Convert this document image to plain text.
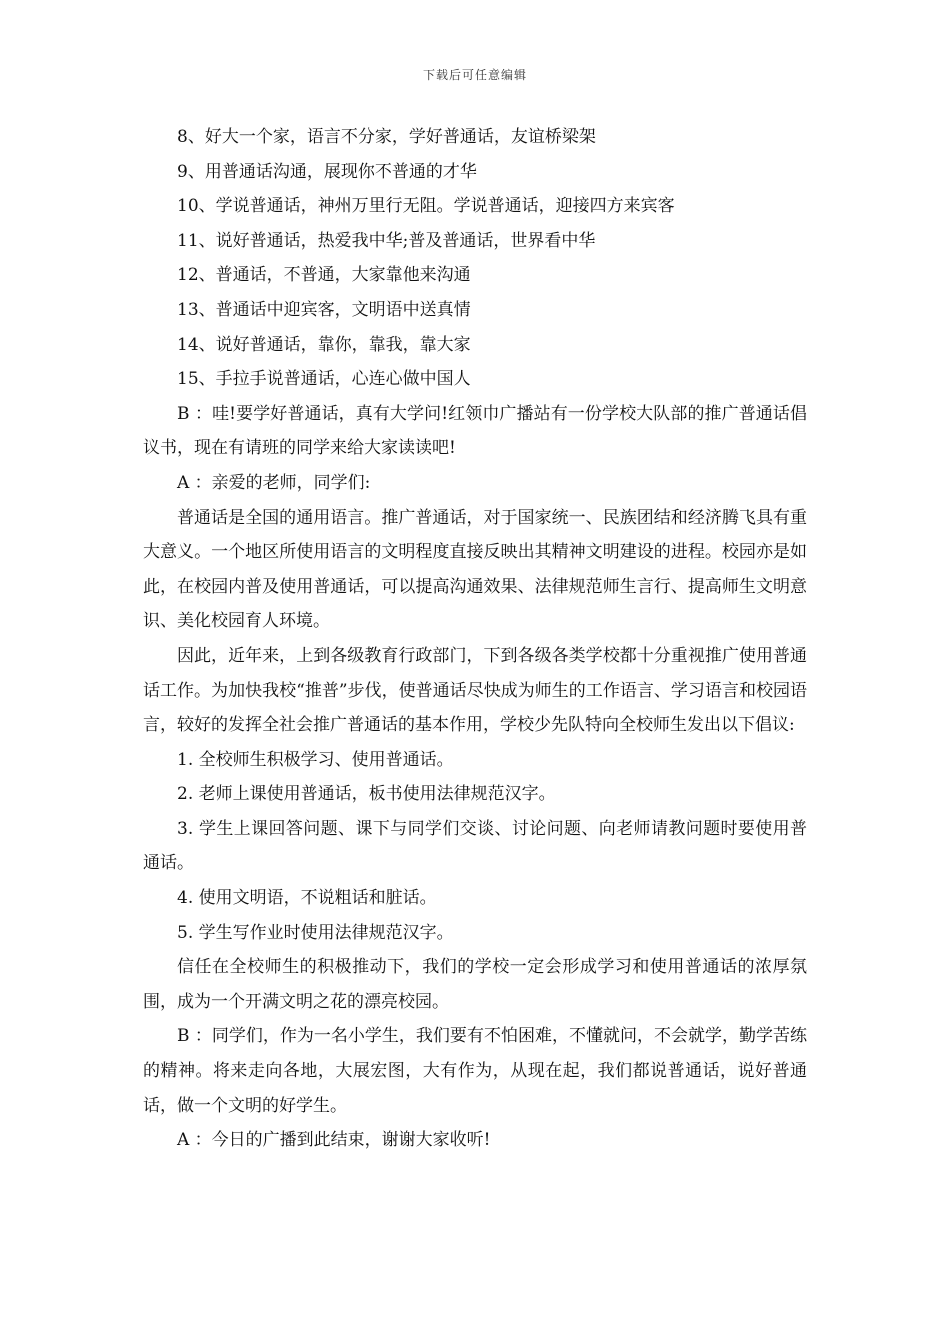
下载后可任意编辑

8、好大一个家，语言不分家，学好普通话，友谊桥梁架

9、用普通话沟通，展现你不普通的才华

10、学说普通话，神州万里行无阻。学说普通话，迎接四方来宾客

11、说好普通话，热爱我中华;普及普通话，世界看中华

12、普通话，不普通，大家靠他来沟通

13、普通话中迎宾客，文明语中送真情

14、说好普通话，靠你，靠我，靠大家

15、手拉手说普通话，心连心做中国人

B ：哇!要学好普通话，真有大学问!红领巾广播站有一份学校大队部的推广普通话倡议书，现在有请班的同学来给大家读读吧!

A ：亲爱的老师，同学们:

普通话是全国的通用语言。推广普通话，对于国家统一、民族团结和经济腾飞具有重大意义。一个地区所使用语言的文明程度直接反映出其精神文明建设的进程。校园亦是如此，在校园内普及使用普通话，可以提高沟通效果、法律规范师生言行、提高师生文明意识、美化校园育人环境。

因此，近年来，上到各级教育行政部门，下到各级各类学校都十分重视推广使用普通话工作。为加快我校“推普”步伐，使普通话尽快成为师生的工作语言、学习语言和校园语言，较好的发挥全社会推广普通话的基本作用，学校少先队特向全校师生发出以下倡议:

1. 全校师生积极学习、使用普通话。

2. 老师上课使用普通话，板书使用法律规范汉字。

3. 学生上课回答问题、课下与同学们交谈、讨论问题、向老师请教问题时要使用普通话。

4. 使用文明语，不说粗话和脏话。

5. 学生写作业时使用法律规范汉字。

信任在全校师生的积极推动下，我们的学校一定会形成学习和使用普通话的浓厚氛围，成为一个开满文明之花的漂亮校园。

B ：同学们，作为一名小学生，我们要有不怕困难，不懂就问，不会就学，勤学苦练的精神。将来走向各地，大展宏图，大有作为，从现在起，我们都说普通话，说好普通话，做一个文明的好学生。

A ：今日的广播到此结束，谢谢大家收听!
